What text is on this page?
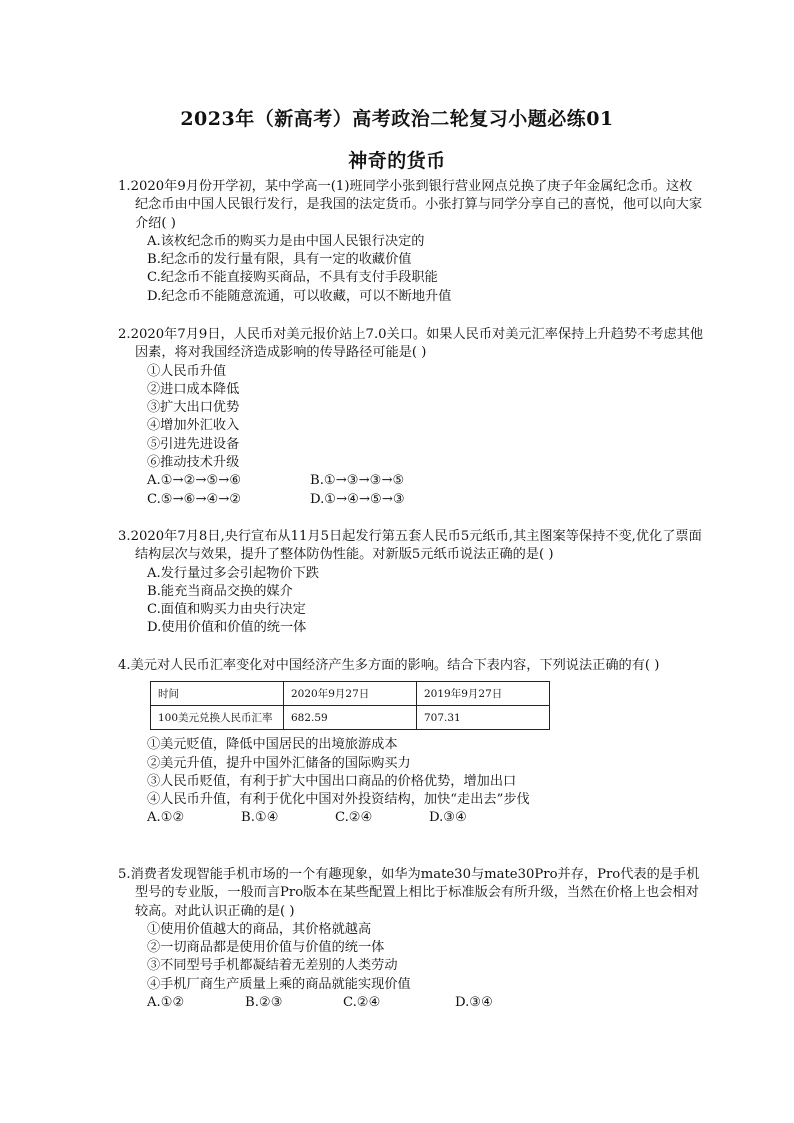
2023年（新高考）高考政治二轮复习小题必练01
神奇的货币

1.2020年9月份开学初，某中学高一(1)班同学小张到银行营业网点兑换了庚子年金属纪念币。这枚纪念币由中国人民银行发行，是我国的法定货币。小张打算与同学分享自己的喜悦，他可以向大家介绍( )

A.该枚纪念币的购买力是由中国人民银行决定的

B.纪念币的发行量有限，具有一定的收藏价值

C.纪念币不能直接购买商品，不具有支付手段职能

D.纪念币不能随意流通，可以收藏，可以不断地升值

2.2020年7月9日，人民币对美元报价站上7.0关口。如果人民币对美元汇率保持上升趋势不考虑其他因素，将对我国经济造成影响的传导路径可能是( )

①人民币升值

②进口成本降低

③扩大出口优势

④增加外汇收入

⑤引进先进设备

⑥推动技术升级

A.①→②→⑤→⑥	B.①→③→③→⑤
C.⑤→⑥→④→②	D.①→④→⑤→③

3.2020年7月8日,央行宣布从11月5日起发行第五套人民币5元纸币,其主图案等保持不变,优化了票面结构层次与效果，提升了整体防伪性能。对新版5元纸币说法正确的是( )

A.发行量过多会引起物价下跌

B.能充当商品交换的媒介

C.面值和购买力由央行决定

D.使用价值和价值的统一体

4.美元对人民币汇率变化对中国经济产生多方面的影响。结合下表内容，下列说法正确的有( )

时间	2020年9月27日	2019年9月27日
100美元兑换人民币汇率	682.59	707.31

①美元贬值，降低中国居民的出境旅游成本

②美元升值，提升中国外汇储备的国际购买力

③人民币贬值，有利于扩大中国出口商品的价格优势，增加出口

④人民币升值，有利于优化中国对外投资结构，加快“走出去”步伐

A.①②	B.①④	C.②④	D.③④

5.消费者发现智能手机市场的一个有趣现象，如华为mate30与mate30Pro并存，Pro代表的是手机型号的专业版，一般而言Pro版本在某些配置上相比于标准版会有所升级，当然在价格上也会相对较高。对此认识正确的是( )

①使用价值越大的商品，其价格就越高

②一切商品都是使用价值与价值的统一体

③不同型号手机都凝结着无差别的人类劳动

④手机厂商生产质量上乘的商品就能实现价值

A.①②	B.②③	C.②④	D.③④
